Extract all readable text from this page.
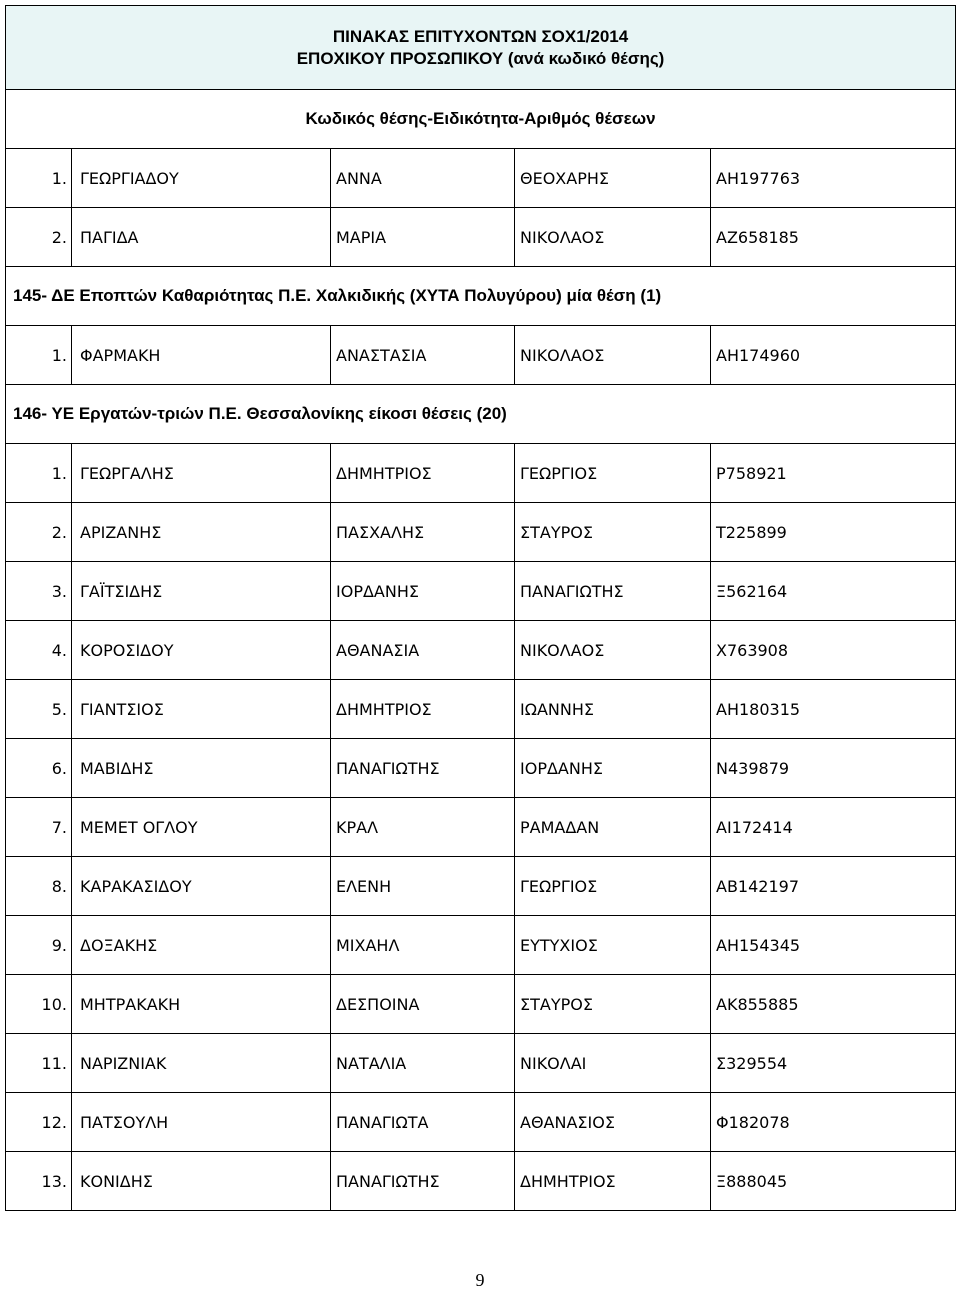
ΠΙΝΑΚΑΣ ΕΠΙΤΥΧΟΝΤΩΝ ΣΟΧ1/2014
ΕΠΟΧΙΚΟΥ ΠΡΟΣΩΠΙΚΟΥ (ανά κωδικό θέσης)				

Κωδικός θέσης-Ειδικότητα-Αριθμός θέσεων				
1.	ΓΕΩΡΓΙΑΔΟΥ	ΑΝΝΑ	ΘΕΟΧΑΡΗΣ	ΑΗ197763
2.	ΠΑΓΙΔΑ	ΜΑΡΙΑ	ΝΙΚΟΛΑΟΣ	ΑΖ658185
145- ΔΕ Εποπτών Καθαριότητας Π.Ε. Χαλκιδικής (ΧΥΤΑ Πολυγύρου) μία θέση (1)				
1.	ΦΑΡΜΑΚΗ	ΑΝΑΣΤΑΣΙΑ	ΝΙΚΟΛΑΟΣ	ΑΗ174960
146- ΥΕ Εργατών-τριών Π.Ε. Θεσσαλονίκης είκοσι θέσεις (20)				
1.	ΓΕΩΡΓΑΛΗΣ	ΔΗΜΗΤΡΙΟΣ	ΓΕΩΡΓΙΟΣ	Ρ758921
2.	ΑΡΙΖΑΝΗΣ	ΠΑΣΧΑΛΗΣ	ΣΤΑΥΡΟΣ	Τ225899
3.	ΓΑΪΤΣΙΔΗΣ	ΙΟΡΔΑΝΗΣ	ΠΑΝΑΓΙΩΤΗΣ	Ξ562164
4.	ΚΟΡΟΣΙΔΟΥ	ΑΘΑΝΑΣΙΑ	ΝΙΚΟΛΑΟΣ	Χ763908
5.	ΓΙΑΝΤΣΙΟΣ	ΔΗΜΗΤΡΙΟΣ	ΙΩΑΝΝΗΣ	ΑΗ180315
6.	ΜΑΒΙΔΗΣ	ΠΑΝΑΓΙΩΤΗΣ	ΙΟΡΔΑΝΗΣ	Ν439879
7.	ΜΕΜΕΤ ΟΓΛΟΥ	ΚΡΑΛ	ΡΑΜΑΔΑΝ	ΑΙ172414
8.	ΚΑΡΑΚΑΣΙΔΟΥ	ΕΛΕΝΗ	ΓΕΩΡΓΙΟΣ	ΑΒ142197
9.	ΔΟΞΑΚΗΣ	ΜΙΧΑΗΛ	ΕΥΤΥΧΙΟΣ	ΑΗ154345
10.	ΜΗΤΡΑΚΑΚΗ	ΔΕΣΠΟΙΝΑ	ΣΤΑΥΡΟΣ	ΑΚ855885
11.	ΝΑΡΙΖΝΙΑΚ	ΝΑΤΑΛΙΑ	ΝΙΚΟΛΑΙ	Σ329554
12.	ΠΑΤΣΟΥΛΗ	ΠΑΝΑΓΙΩΤΑ	ΑΘΑΝΑΣΙΟΣ	Φ182078
13.	ΚΟΝΙΔΗΣ	ΠΑΝΑΓΙΩΤΗΣ	ΔΗΜΗΤΡΙΟΣ	Ξ888045
9
